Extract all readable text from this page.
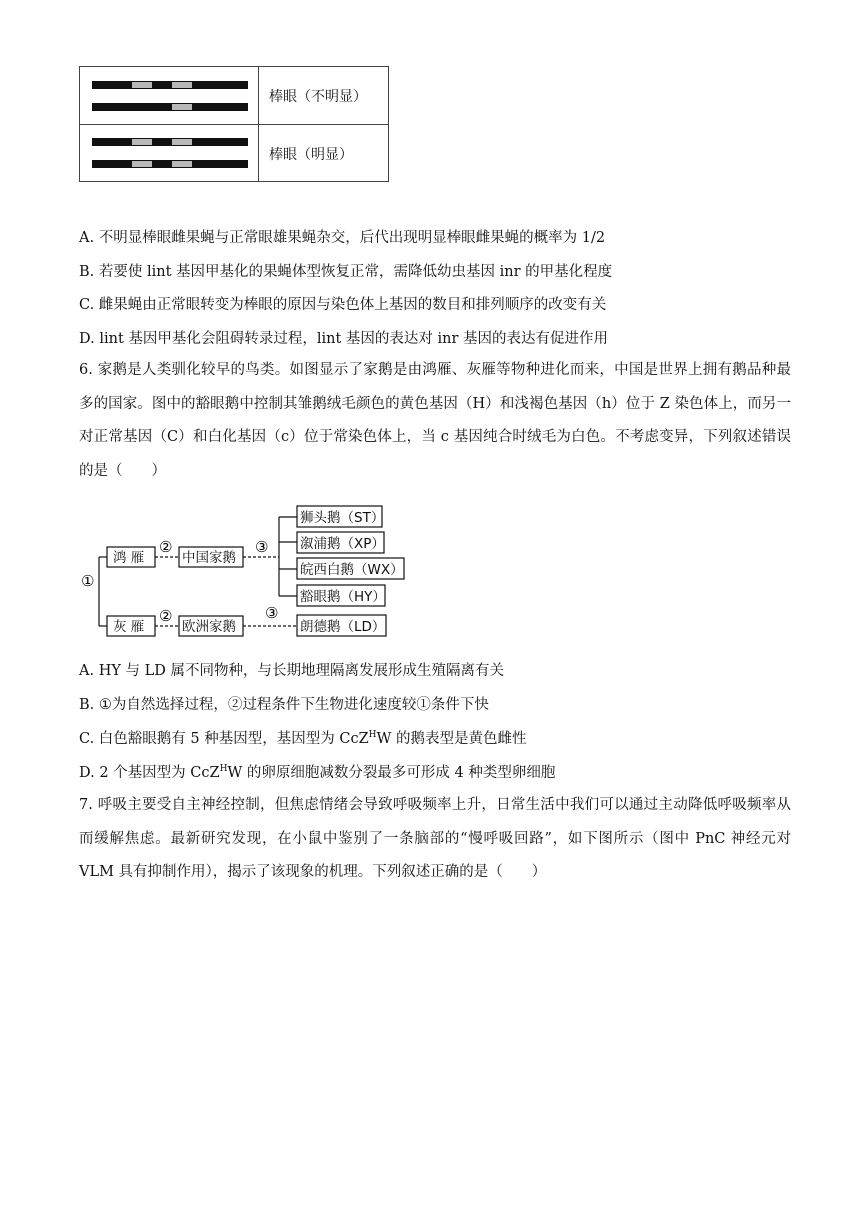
棒眼（不明显）
棒眼（明显）
A. 不明显棒眼雌果蝇与正常眼雄果蝇杂交，后代出现明显棒眼雌果蝇的概率为 1/2
B. 若要使 lint 基因甲基化的果蝇体型恢复正常，需降低幼虫基因 inr 的甲基化程度
C. 雌果蝇由正常眼转变为棒眼的原因与染色体上基因的数目和排列顺序的改变有关
D. lint 基因甲基化会阻碍转录过程，lint 基因的表达对 inr 基因的表达有促进作用
6. 家鹅是人类驯化较早的鸟类。如图显示了家鹅是由鸿雁、灰雁等物种进化而来，中国是世界上拥有鹅品种最多的国家。图中的豁眼鹅中控制其雏鹅绒毛颜色的黄色基因（H）和浅褐色基因（h）位于 Z 染色体上，而另一对正常基因（C）和白化基因（c）位于常染色体上，当 c 基因纯合时绒毛为白色。不考虑变异，下列叙述错误的是（　　）
①
鸿 雁
灰 雁
②
②
中国家鹅
欧洲家鹅
③
③
狮头鹅（ST）
溆浦鹅（XP）
皖西白鹅（WX）
豁眼鹅（HY）
朗德鹅（LD）
A. HY 与 LD 属不同物种，与长期地理隔离发展形成生殖隔离有关
B. ①为自然选择过程，②过程条件下生物进化速度较①条件下快
C. 白色豁眼鹅有 5 种基因型，基因型为 CcZ$^H$W 的鹅表型是黄色雌性
D. 2 个基因型为 CcZ$^H$W 的卵原细胞减数分裂最多可形成 4 种类型卵细胞
7. 呼吸主要受自主神经控制，但焦虑情绪会导致呼吸频率上升，日常生活中我们可以通过主动降低呼吸频率从而缓解焦虑。最新研究发现，在小鼠中鉴别了一条脑部的“慢呼吸回路”，如下图所示（图中 PnC 神经元对 VLM 具有抑制作用），揭示了该现象的机理。下列叙述正确的是（　　）
